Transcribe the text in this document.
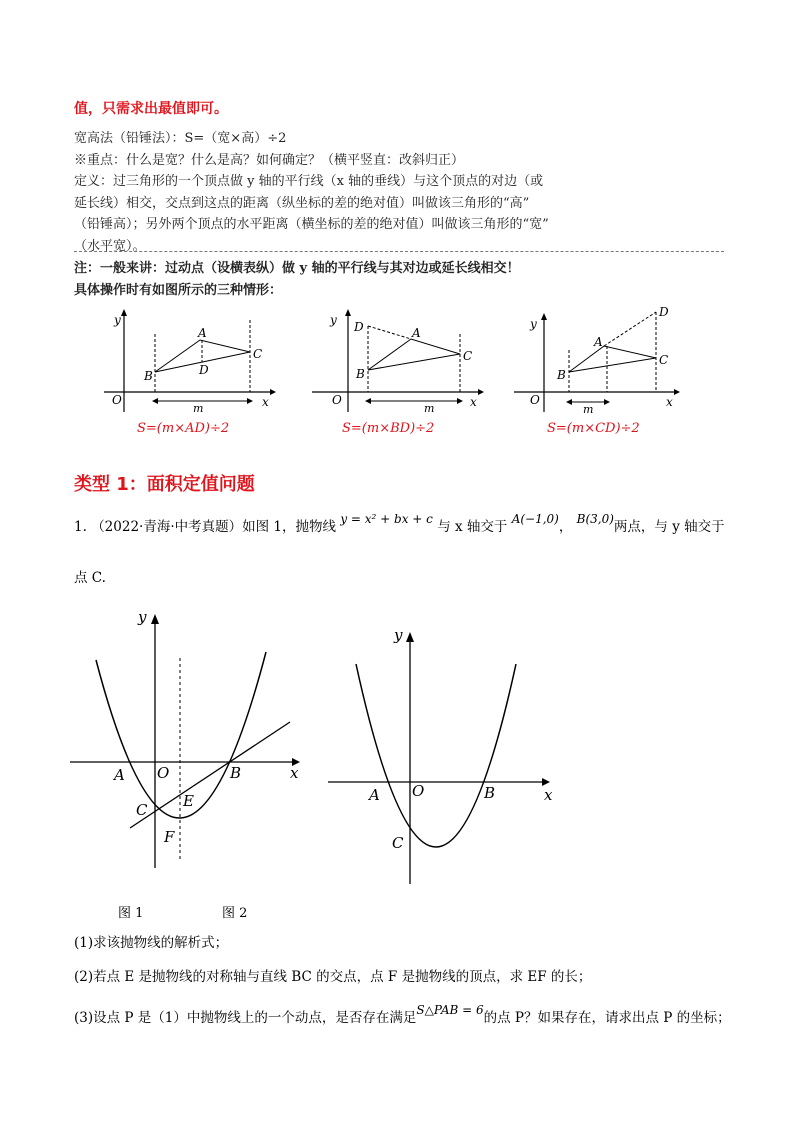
值，只需求出最值即可。
宽高法（铅锤法）：S=（宽×高）÷2
※重点：什么是宽？什么是高？如何确定？（横平竖直：改斜归正）
定义：过三角形的一个顶点做 y 轴的平行线（x 轴的垂线）与这个顶点的对边（或
延长线）相交，交点到这点的距离（纵坐标的差的绝对值）叫做该三角形的“高”
（铅锤高）；另外两个顶点的水平距离（横坐标的差的绝对值）叫做该三角形的“宽”
（水平宽）。
注：一般来讲：过动点（设横表纵）做 y 轴的平行线与其对边或延长线相交！
具体操作时有如图所示的三种情形：
y
x
O
A
B
C
D
m
S=(m×AD)÷2
y
x
O
A
B
C
D
m
S=(m×BD)÷2
y
x
O
A
B
C
D
m
S=(m×CD)÷2
类型 1：面积定值问题
1. （2022·青海·中考真题）如图 1，抛物线 y = x² + bx + c 与 x 轴交于 A(−1,0)， B(3,0)两点，与 y 轴交于
点 C.
y
x
A O	B
C E
F
y
x
A O	B
C
图 1	图 2
(1)求该抛物线的解析式；
(2)若点 E 是抛物线的对称轴与直线 BC 的交点，点 F 是抛物线的顶点，求 EF 的长；
(3)设点 P 是（1）中抛物线上的一个动点，是否存在满足S△PAB = 6的点 P？如果存在，请求出点 P 的坐标；
